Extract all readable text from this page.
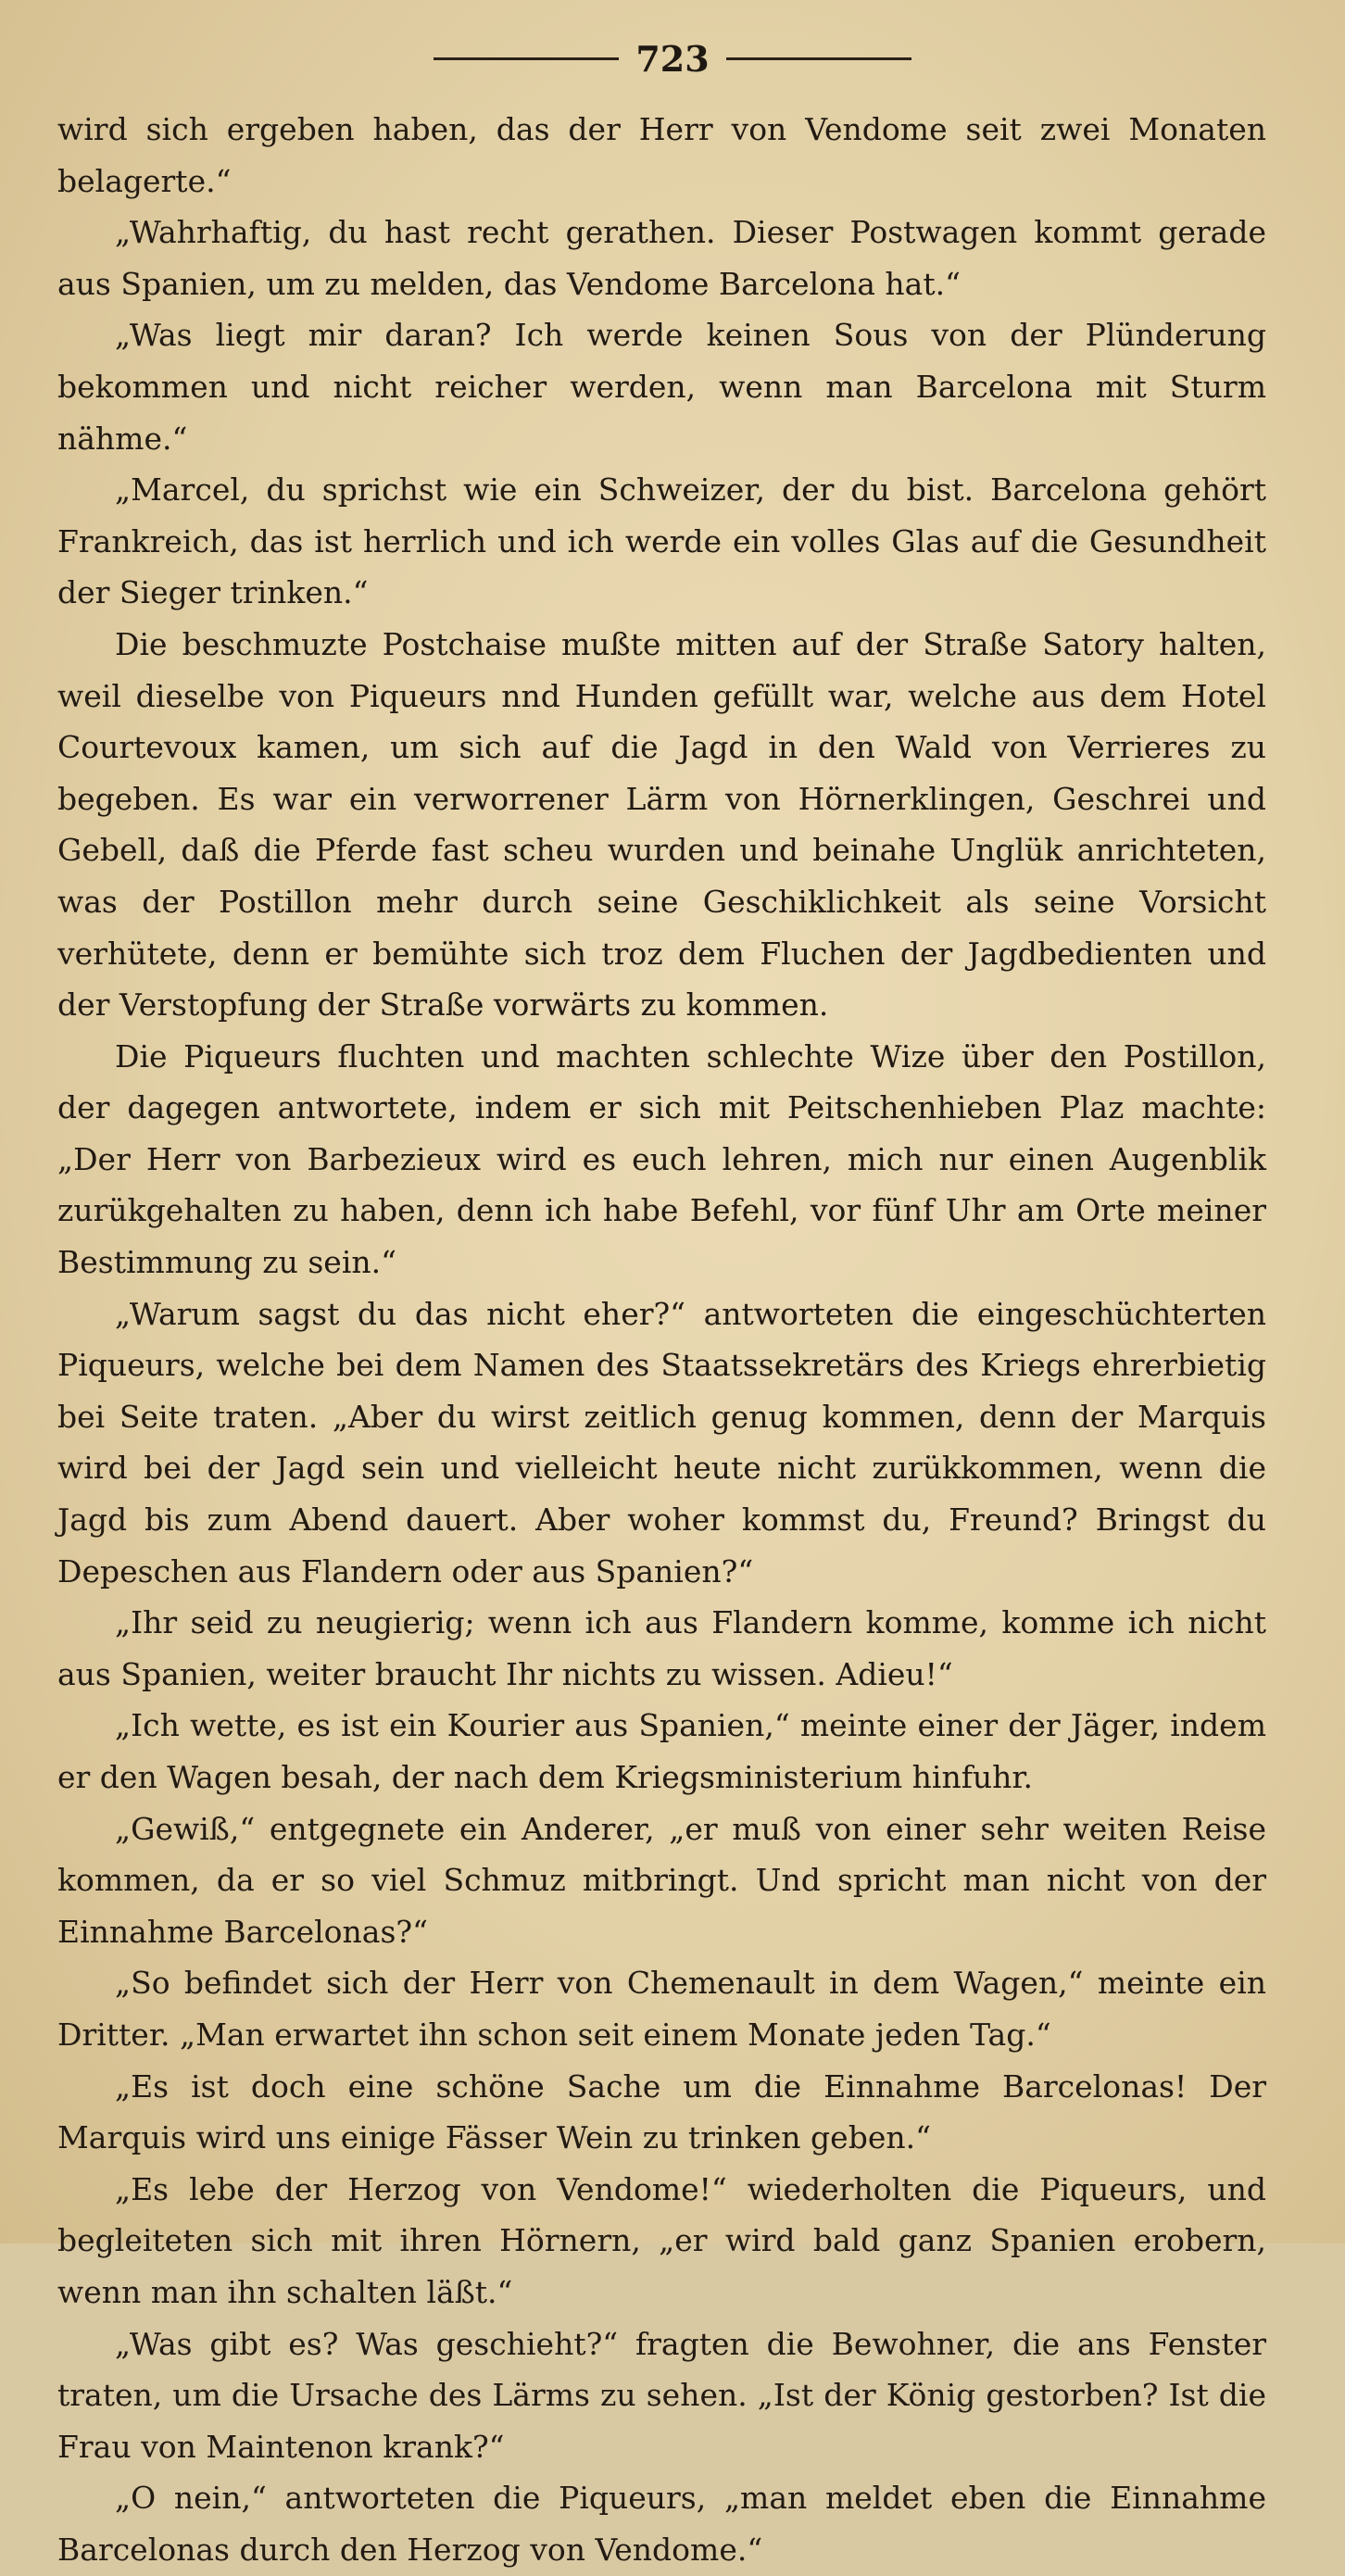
723

wird sich ergeben haben, das der Herr von Vendome seit zwei Monaten belagerte.“

„Wahrhaftig, du hast recht gerathen. Dieser Postwagen kommt gerade aus Spanien, um zu melden, das Vendome Barcelona hat.“

„Was liegt mir daran? Ich werde keinen Sous von der Plünderung bekommen und nicht reicher werden, wenn man Barcelona mit Sturm nähme.“

„Marcel, du sprichst wie ein Schweizer, der du bist. Barcelona gehört Frankreich, das ist herrlich und ich werde ein volles Glas auf die Gesundheit der Sieger trinken.“

Die beschmuzte Postchaise mußte mitten auf der Straße Satory halten, weil dieselbe von Piqueurs nnd Hunden gefüllt war, welche aus dem Hotel Courtevoux kamen, um sich auf die Jagd in den Wald von Verrieres zu begeben. Es war ein verworrener Lärm von Hörnerklingen, Geschrei und Gebell, daß die Pferde fast scheu wurden und beinahe Unglük anrichteten, was der Postillon mehr durch seine Geschiklichkeit als seine Vorsicht verhütete, denn er bemühte sich troz dem Fluchen der Jagdbedienten und der Verstopfung der Straße vorwärts zu kommen.

Die Piqueurs fluchten und machten schlechte Wize über den Postillon, der dagegen antwortete, indem er sich mit Peitschenhieben Plaz machte: „Der Herr von Barbezieux wird es euch lehren, mich nur einen Augenblik zurükgehalten zu haben, denn ich habe Befehl, vor fünf Uhr am Orte meiner Bestimmung zu sein.“

„Warum sagst du das nicht eher?“ antworteten die eingeschüchterten Piqueurs, welche bei dem Namen des Staatssekretärs des Kriegs ehrerbietig bei Seite traten. „Aber du wirst zeitlich genug kommen, denn der Marquis wird bei der Jagd sein und vielleicht heute nicht zurükkommen, wenn die Jagd bis zum Abend dauert. Aber woher kommst du, Freund? Bringst du Depeschen aus Flandern oder aus Spanien?“

„Ihr seid zu neugierig; wenn ich aus Flandern komme, komme ich nicht aus Spanien, weiter braucht Ihr nichts zu wissen. Adieu!“

„Ich wette, es ist ein Kourier aus Spanien,“ meinte einer der Jäger, indem er den Wagen besah, der nach dem Kriegsministerium hinfuhr.

„Gewiß,“ entgegnete ein Anderer, „er muß von einer sehr weiten Reise kommen, da er so viel Schmuz mitbringt. Und spricht man nicht von der Einnahme Barcelonas?“

„So befindet sich der Herr von Chemenault in dem Wagen,“ meinte ein Dritter. „Man erwartet ihn schon seit einem Monate jeden Tag.“

„Es ist doch eine schöne Sache um die Einnahme Barcelonas! Der Marquis wird uns einige Fässer Wein zu trinken geben.“

„Es lebe der Herzog von Vendome!“ wiederholten die Piqueurs, und begleiteten sich mit ihren Hörnern, „er wird bald ganz Spanien erobern, wenn man ihn schalten läßt.“

„Was gibt es? Was geschieht?“ fragten die Bewohner, die ans Fenster traten, um die Ursache des Lärms zu sehen. „Ist der König gestorben? Ist die Frau von Maintenon krank?“

„O nein,“ antworteten die Piqueurs, „man meldet eben die Einnahme Barcelonas durch den Herzog von Vendome.“
